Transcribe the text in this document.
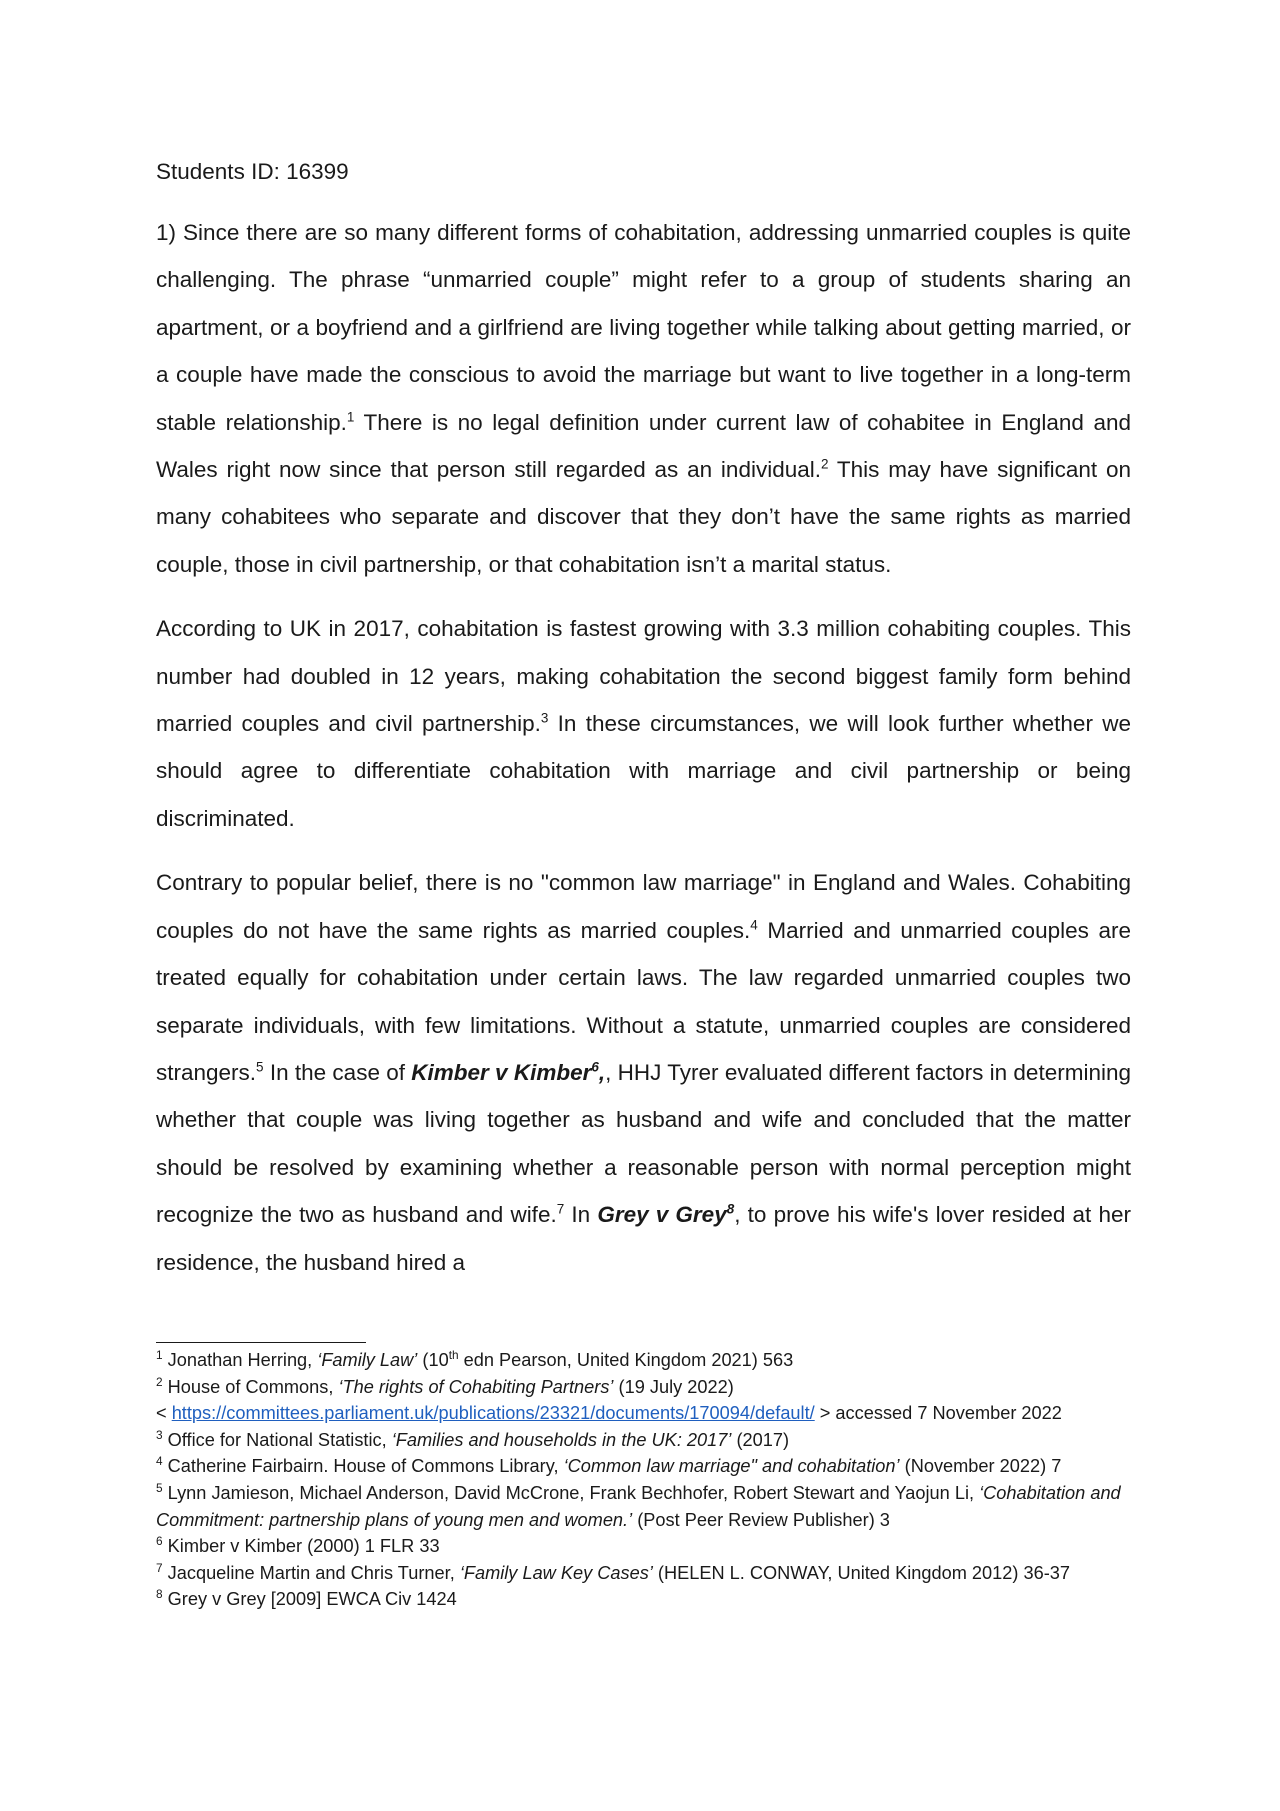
Students ID: 16399

1) Since there are so many different forms of cohabitation, addressing unmarried couples is quite challenging. The phrase “unmarried couple” might refer to a group of students sharing an apartment, or a boyfriend and a girlfriend are living together while talking about getting married, or a couple have made the conscious to avoid the marriage but want to live together in a long-term stable relationship.$^1$ There is no legal definition under current law of cohabitee in England and Wales right now since that person still regarded as an individual.$^2$ This may have significant on many cohabitees who separate and discover that they don’t have the same rights as married couple, those in civil partnership, or that cohabitation isn’t a marital status.

According to UK in 2017, cohabitation is fastest growing with 3.3 million cohabiting couples. This number had doubled in 12 years, making cohabitation the second biggest family form behind married couples and civil partnership.$^3$ In these circumstances, we will look further whether we should agree to differentiate cohabitation with marriage and civil partnership or being discriminated.

Contrary to popular belief, there is no "common law marriage" in England and Wales. Cohabiting couples do not have the same rights as married couples.$^4$ Married and unmarried couples are treated equally for cohabitation under certain laws. The law regarded unmarried couples two separate individuals, with few limitations. Without a statute, unmarried couples are considered strangers.$^5$ In the case of Kimber v Kimber$^6$,, HHJ Tyrer evaluated different factors in determining whether that couple was living together as husband and wife and concluded that the matter should be resolved by examining whether a reasonable person with normal perception might recognize the two as husband and wife.$^7$ In Grey v Grey$^8$, to prove his wife's lover resided at her residence, the husband hired a

$^1$ Jonathan Herring, ‘Family Law’ (10th edn Pearson, United Kingdom 2021) 563

$^2$ House of Commons, ‘The rights of Cohabiting Partners’ (19 July 2022)
< https://committees.parliament.uk/publications/23321/documents/170094/default/ > accessed 7 November 2022

$^3$ Office for National Statistic, ‘Families and households in the UK: 2017’ (2017)

$^4$ Catherine Fairbairn. House of Commons Library, ‘Common law marriage" and cohabitation’ (November 2022) 7

$^5$ Lynn Jamieson, Michael Anderson, David McCrone, Frank Bechhofer, Robert Stewart and Yaojun Li, ‘Cohabitation and Commitment: partnership plans of young men and women.’ (Post Peer Review Publisher) 3

$^6$ Kimber v Kimber (2000) 1 FLR 33

$^7$ Jacqueline Martin and Chris Turner, ‘Family Law Key Cases’ (HELEN L. CONWAY, United Kingdom 2012) 36-37

$^8$ Grey v Grey [2009] EWCA Civ 1424
